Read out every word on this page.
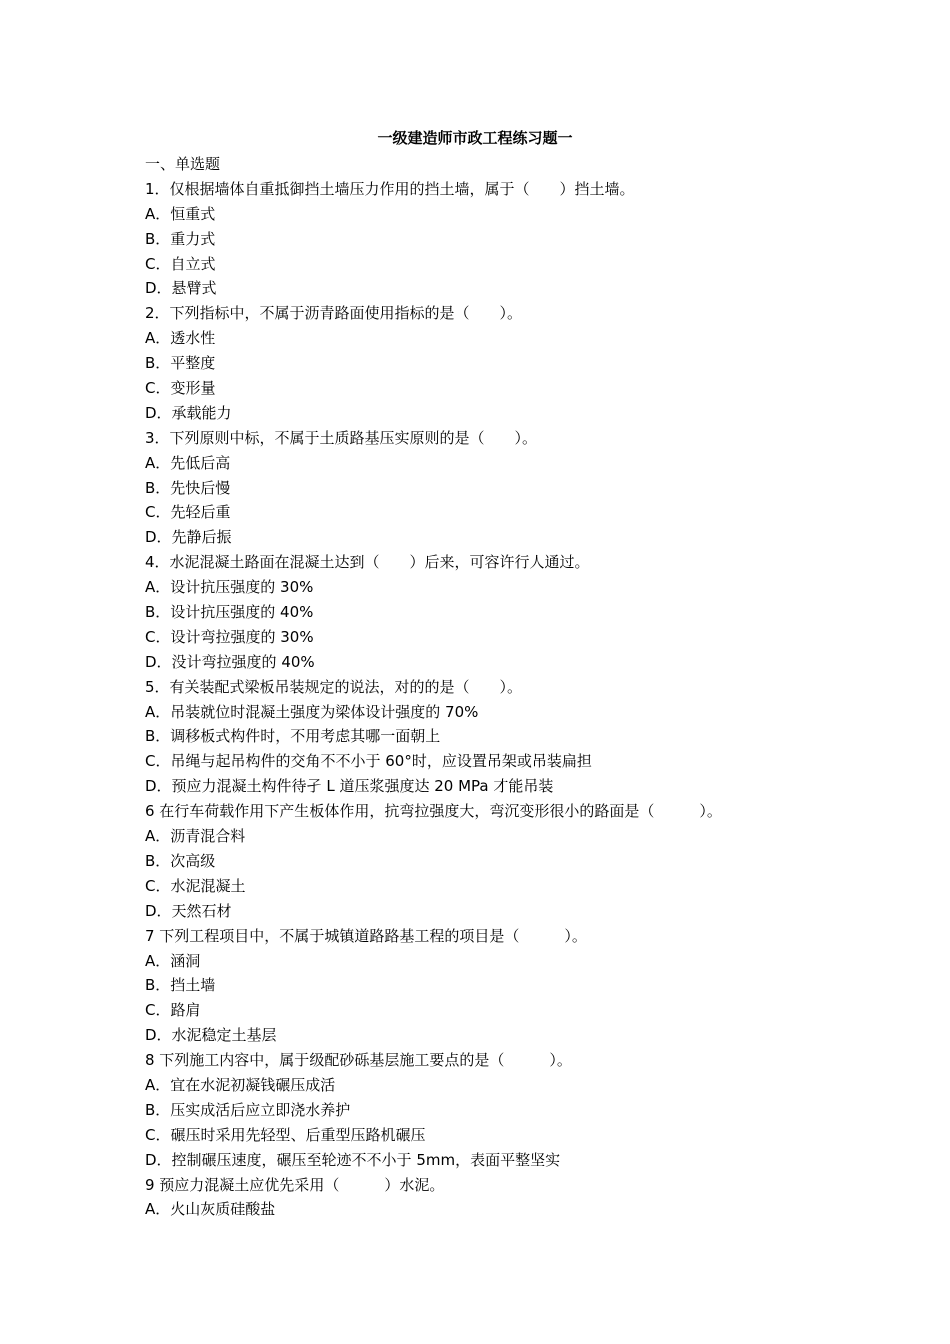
一级建造师市政工程练习题一
一、单选题
1．仅根据墙体自重抵御挡土墙压力作用的挡土墙，属于（　　）挡土墙。
A．恒重式
B．重力式
C．自立式
D．悬臂式
2．下列指标中，不属于沥青路面使用指标的是（　　）。
A．透水性
B．平整度
C．变形量
D．承载能力
3．下列原则中标，不属于土质路基压实原则的是（　　）。
A．先低后高
B．先快后慢
C．先轻后重
D．先静后振
4．水泥混凝土路面在混凝土达到（　　）后来，可容许行人通过。
A．设计抗压强度的 30%
B．设计抗压强度的 40%
C．设计弯拉强度的 30%
D．没计弯拉强度的 40%
5．有关装配式梁板吊装规定的说法，对的的是（　　）。
A．吊装就位时混凝土强度为梁体设计强度的 70%
B．调移板式构件时，不用考虑其哪一面朝上
C．吊绳与起吊构件的交角不不小于 60°时，应设置吊架或吊装扁担
D．预应力混凝土构件待孑 L 道压浆强度达 20 MPa 才能吊装
6 在行车荷载作用下产生板体作用，抗弯拉强度大，弯沉变形很小的路面是（　　　）。
A．沥青混合料
B．次高级
C．水泥混凝土
D．天然石材
7 下列工程项目中，不属于城镇道路路基工程的项目是（　　　）。
A．涵洞
B．挡土墙
C．路肩
D．水泥稳定土基层
8 下列施工内容中，属于级配砂砾基层施工要点的是（　　　）。
A．宜在水泥初凝钱碾压成活
B．压实成活后应立即浇水养护
C．碾压时采用先轻型、后重型压路机碾压
D．控制碾压速度，碾压至轮迹不不小于 5mm，表面平整坚实
9 预应力混凝土应优先采用（　　　）水泥。
A．火山灰质硅酸盐
